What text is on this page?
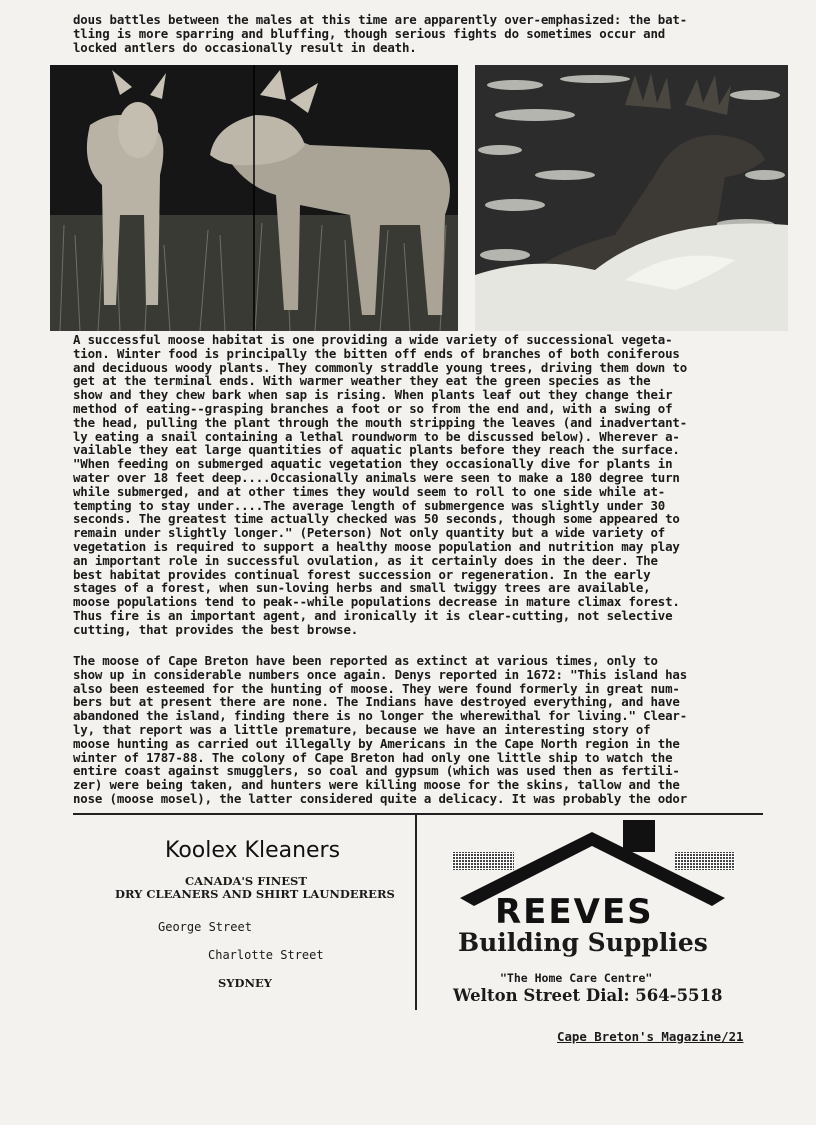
dous battles between the males at this time are apparently over-emphasized: the bat-
tling is more sparring and bluffing, though serious fights do sometimes occur and
locked antlers do occasionally result in death.
A successful moose habitat is one providing a wide variety of successional vegeta-
tion. Winter food is principally the bitten off ends of branches of both coniferous
and deciduous woody plants. They commonly straddle young trees, driving them down to
get at the terminal ends. With warmer weather they eat the green species as the
show and they chew bark when sap is rising. When plants leaf out they change their
method of eating--grasping branches a foot or so from the end and, with a swing of
the head, pulling the plant through the mouth stripping the leaves (and inadvertant-
ly eating a snail containing a lethal roundworm to be discussed below). Wherever a-
vailable they eat large quantities of aquatic plants before they reach the surface.
"When feeding on submerged aquatic vegetation they occasionally dive for plants in
water over 18 feet deep....Occasionally animals were seen to make a 180 degree turn
while submerged, and at other times they would seem to roll to one side while at-
tempting to stay under....The average length of submergence was slightly under 30
seconds. The greatest time actually checked was 50 seconds, though some appeared to
remain under slightly longer." (Peterson) Not only quantity but a wide variety of
vegetation is required to support a healthy moose population and nutrition may play
an important role in successful ovulation, as it certainly does in the deer. The
best habitat provides continual forest succession or regeneration. In the early
stages of a forest, when sun-loving herbs and small twiggy trees are available,
moose populations tend to peak--while populations decrease in mature climax forest.
Thus fire is an important agent, and ironically it is clear-cutting, not selective
cutting, that provides the best browse.
The moose of Cape Breton have been reported as extinct at various times, only to
show up in considerable numbers once again. Denys reported in 1672: "This island has
also been esteemed for the hunting of moose. They were found formerly in great num-
bers but at present there are none. The Indians have destroyed everything, and have
abandoned the island, finding there is no longer the wherewithal for living." Clear-
ly, that report was a little premature, because we have an interesting story of
moose hunting as carried out illegally by Americans in the Cape North region in the
winter of 1787-88. The colony of Cape Breton had only one little ship to watch the
entire coast against smugglers, so coal and gypsum (which was used then as fertili-
zer) were being taken, and hunters were killing moose for the skins, tallow and the
nose (moose mosel), the latter considered quite a delicacy. It was probably the odor
Koolex Kleaners
CANADA'S FINEST
DRY CLEANERS AND SHIRT LAUNDERERS
George Street
Charlotte Street
SYDNEY
REEVES
Building Supplies
"The Home Care Centre"
Welton Street Dial: 564-5518
Cape Breton's Magazine/21
